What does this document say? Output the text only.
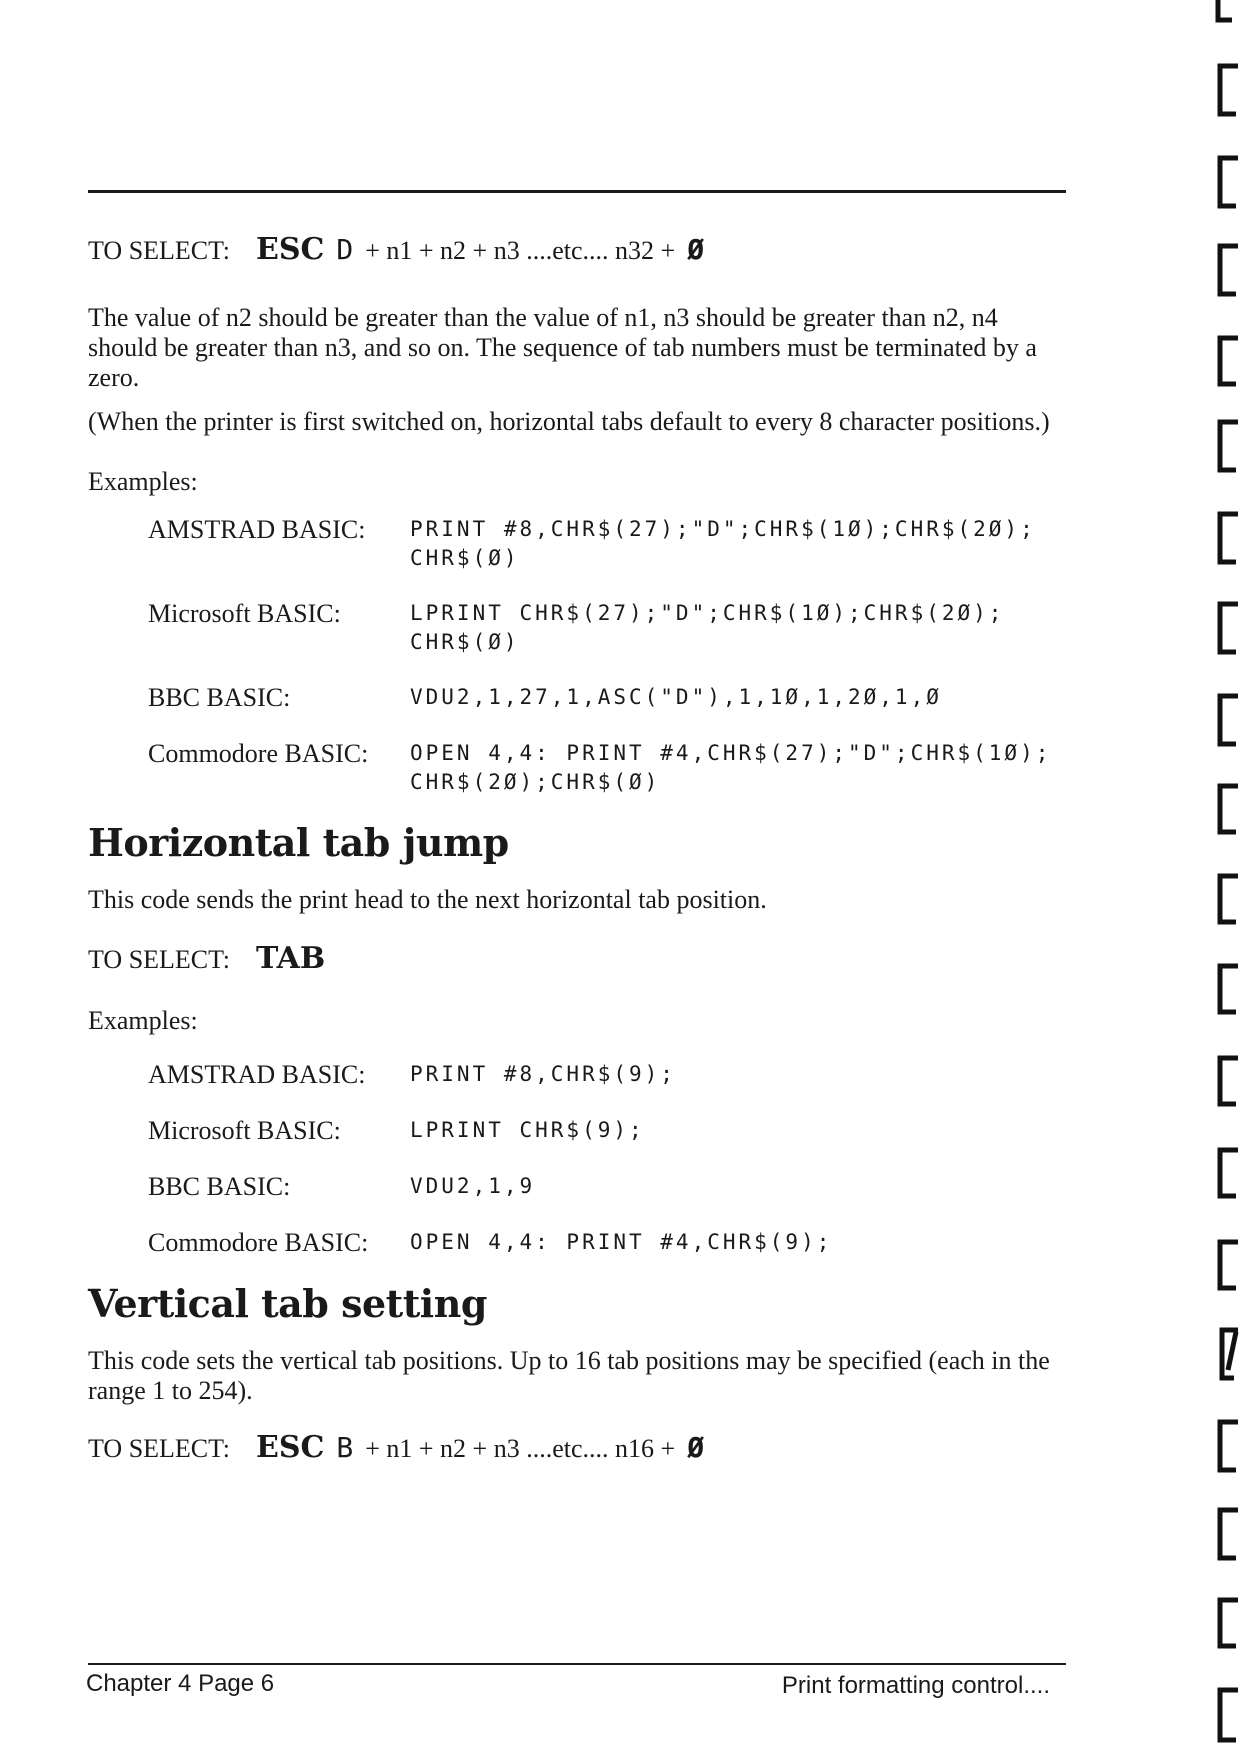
TO SELECT: ESC D + n1 + n2 + n3 ....etc.... n32 + Ø

The value of n2 should be greater than the value of n1, n3 should be greater than n2, n4 should be greater than n3, and so on. The sequence of tab numbers must be terminated by a zero.

(When the printer is first switched on, horizontal tabs default to every 8 character positions.)

Examples:

AMSTRAD BASIC:	PRINT #8,CHR$(27);"D";CHR$(1Ø);CHR$(2Ø);
CHR$(Ø)
Microsoft BASIC:	LPRINT CHR$(27);"D";CHR$(1Ø);CHR$(2Ø);
CHR$(Ø)
BBC BASIC:	VDU2,1,27,1,ASC("D"),1,1Ø,1,2Ø,1,Ø
Commodore BASIC:	OPEN 4,4: PRINT #4,CHR$(27);"D";CHR$(1Ø);
CHR$(2Ø);CHR$(Ø)
Horizontal tab jump

This code sends the print head to the next horizontal tab position.

TO SELECT: TAB

Examples:

AMSTRAD BASIC:	PRINT #8,CHR$(9);
Microsoft BASIC:	LPRINT CHR$(9);
BBC BASIC:	VDU2,1,9
Commodore BASIC:	OPEN 4,4: PRINT #4,CHR$(9);
Vertical tab setting

This code sets the vertical tab positions. Up to 16 tab positions may be specified (each in the range 1 to 254).

TO SELECT: ESC B + n1 + n2 + n3 ....etc.... n16 + Ø
Chapter 4 Page 6	Print formatting control....
